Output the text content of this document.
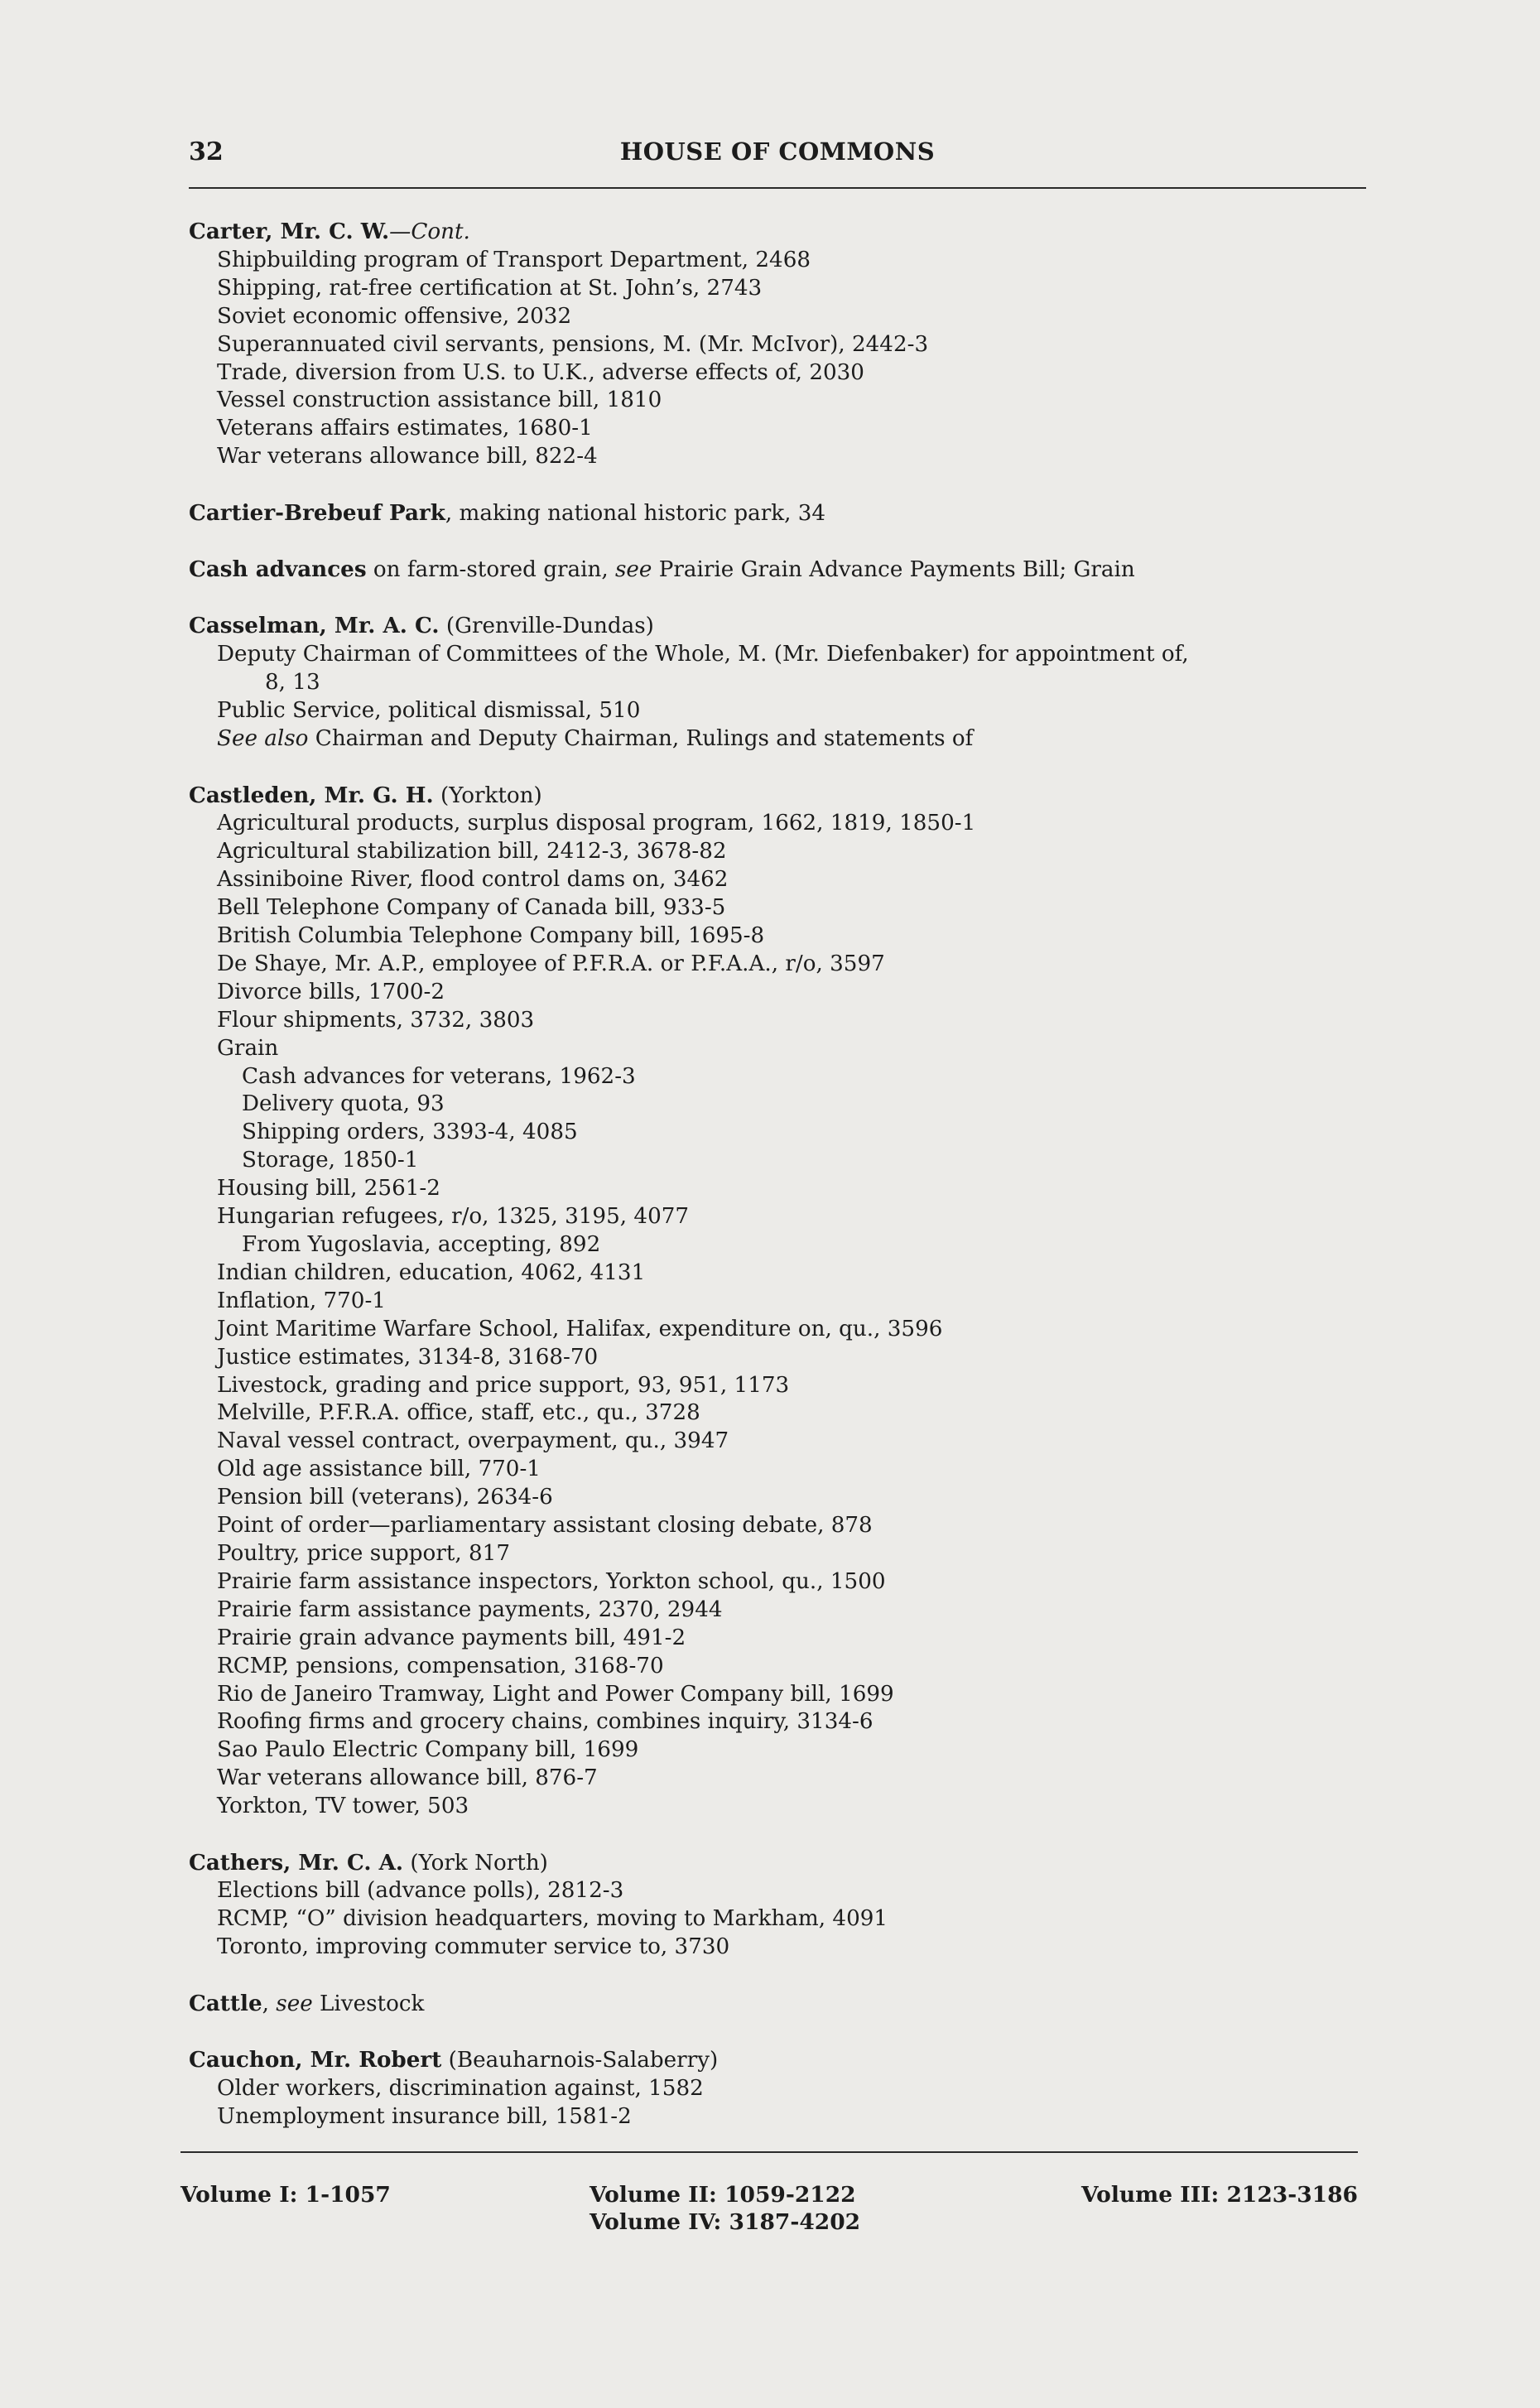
32	HOUSE OF COMMONS
Carter, Mr. C. W.—Cont.
Shipbuilding program of Transport Department, 2468
Shipping, rat-free certification at St. John’s, 2743
Soviet economic offensive, 2032
Superannuated civil servants, pensions, M. (Mr. McIvor), 2442-3
Trade, diversion from U.S. to U.K., adverse effects of, 2030
Vessel construction assistance bill, 1810
Veterans affairs estimates, 1680-1
War veterans allowance bill, 822-4
Cartier-Brebeuf Park, making national historic park, 34
Cash advances on farm-stored grain, see Prairie Grain Advance Payments Bill; Grain
Casselman, Mr. A. C. (Grenville-Dundas)
Deputy Chairman of Committees of the Whole, M. (Mr. Diefenbaker) for appointment of,
8, 13
Public Service, political dismissal, 510
See also Chairman and Deputy Chairman, Rulings and statements of
Castleden, Mr. G. H. (Yorkton)
Agricultural products, surplus disposal program, 1662, 1819, 1850-1
Agricultural stabilization bill, 2412-3, 3678-82
Assiniboine River, flood control dams on, 3462
Bell Telephone Company of Canada bill, 933-5
British Columbia Telephone Company bill, 1695-8
De Shaye, Mr. A.P., employee of P.F.R.A. or P.F.A.A., r/o, 3597
Divorce bills, 1700-2
Flour shipments, 3732, 3803
Grain
Cash advances for veterans, 1962-3
Delivery quota, 93
Shipping orders, 3393-4, 4085
Storage, 1850-1
Housing bill, 2561-2
Hungarian refugees, r/o, 1325, 3195, 4077
From Yugoslavia, accepting, 892
Indian children, education, 4062, 4131
Inflation, 770-1
Joint Maritime Warfare School, Halifax, expenditure on, qu., 3596
Justice estimates, 3134-8, 3168-70
Livestock, grading and price support, 93, 951, 1173
Melville, P.F.R.A. office, staff, etc., qu., 3728
Naval vessel contract, overpayment, qu., 3947
Old age assistance bill, 770-1
Pension bill (veterans), 2634-6
Point of order—parliamentary assistant closing debate, 878
Poultry, price support, 817
Prairie farm assistance inspectors, Yorkton school, qu., 1500
Prairie farm assistance payments, 2370, 2944
Prairie grain advance payments bill, 491-2
RCMP, pensions, compensation, 3168-70
Rio de Janeiro Tramway, Light and Power Company bill, 1699
Roofing firms and grocery chains, combines inquiry, 3134-6
Sao Paulo Electric Company bill, 1699
War veterans allowance bill, 876-7
Yorkton, TV tower, 503
Cathers, Mr. C. A. (York North)
Elections bill (advance polls), 2812-3
RCMP, “O” division headquarters, moving to Markham, 4091
Toronto, improving commuter service to, 3730
Cattle, see Livestock
Cauchon, Mr. Robert (Beauharnois-Salaberry)
Older workers, discrimination against, 1582
Unemployment insurance bill, 1581-2
Volume I: 1-1057	Volume II: 1059-2122
Volume IV: 3187-4202
Volume III: 2123-3186
